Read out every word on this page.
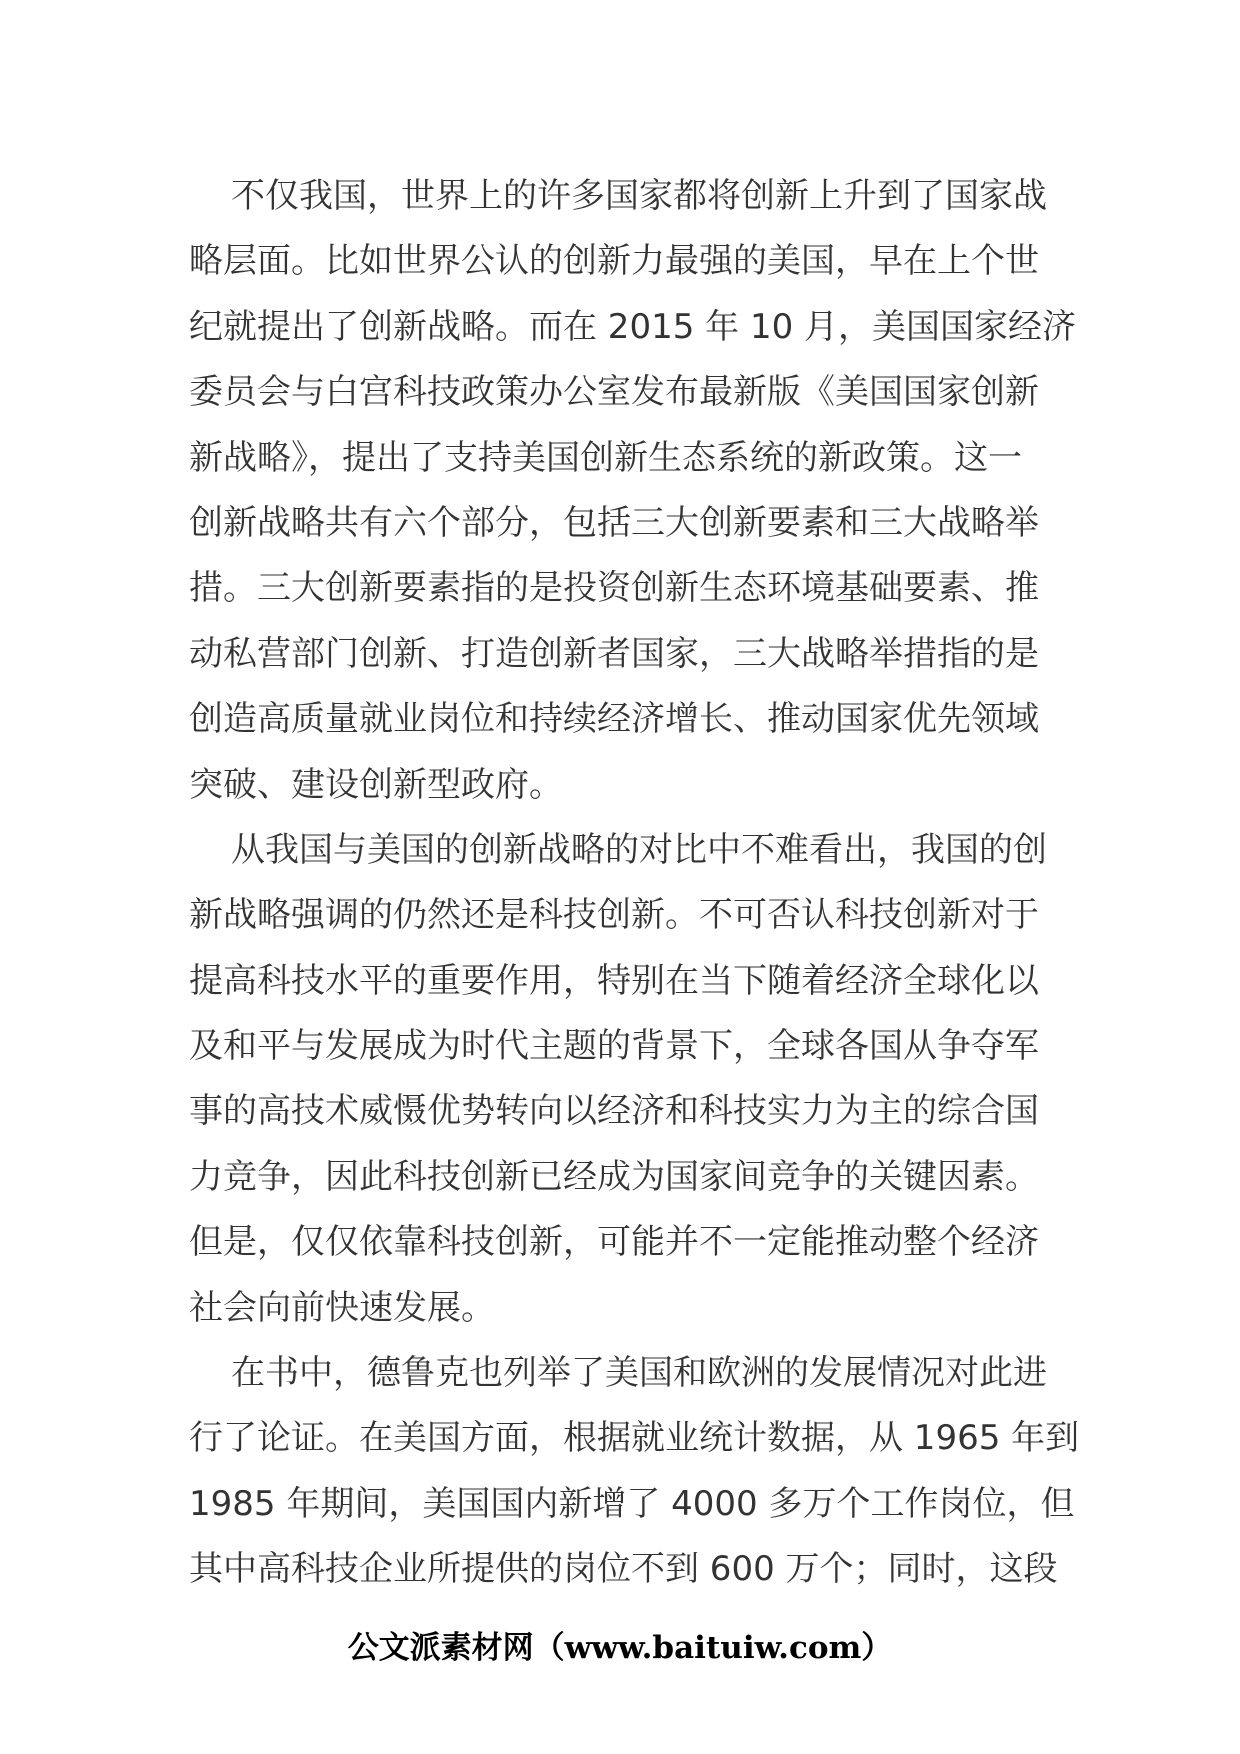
不仅我国，世界上的许多国家都将创新上升到了国家战
略层面。比如世界公认的创新力最强的美国，早在上个世
纪就提出了创新战略。而在 2015 年 10 月，美国国家经济
委员会与白宫科技政策办公室发布最新版《美国国家创新
新战略》，提出了支持美国创新生态系统的新政策。这一
创新战略共有六个部分，包括三大创新要素和三大战略举
措。三大创新要素指的是投资创新生态环境基础要素、推
动私营部门创新、打造创新者国家，三大战略举措指的是
创造高质量就业岗位和持续经济增长、推动国家优先领域
突破、建设创新型政府。
从我国与美国的创新战略的对比中不难看出，我国的创
新战略强调的仍然还是科技创新。不可否认科技创新对于
提高科技水平的重要作用，特别在当下随着经济全球化以
及和平与发展成为时代主题的背景下，全球各国从争夺军
事的高技术威慑优势转向以经济和科技实力为主的综合国
力竞争，因此科技创新已经成为国家间竞争的关键因素。
但是，仅仅依靠科技创新，可能并不一定能推动整个经济
社会向前快速发展。
在书中，德鲁克也列举了美国和欧洲的发展情况对此进
行了论证。在美国方面，根据就业统计数据，从 1965 年到
1985 年期间，美国国内新增了 4000 多万个工作岗位，但
其中高科技企业所提供的岗位不到 600 万个；同时，这段
公文派素材网（www.baituiw.com）
